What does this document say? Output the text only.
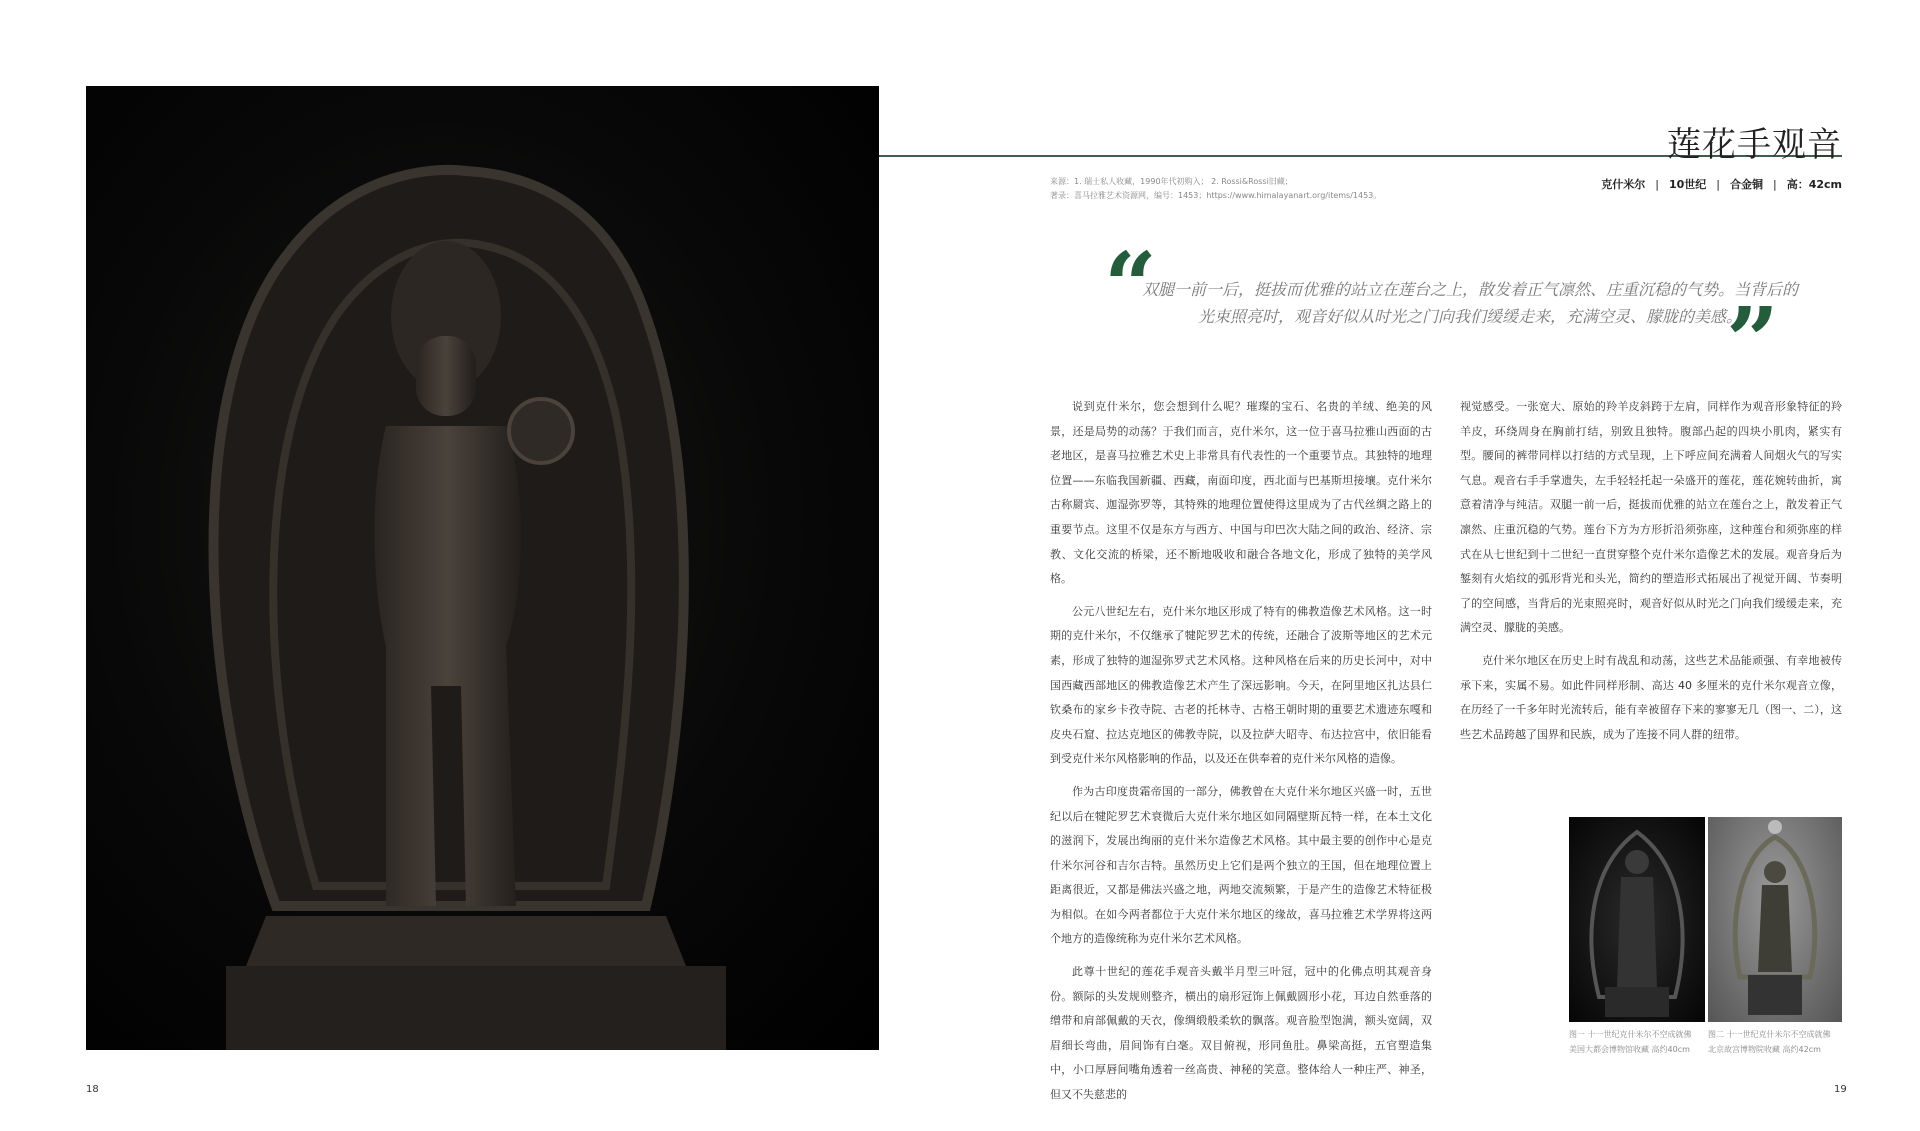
18
莲花手观音
来源：1. 瑞士私人收藏，1990年代初购入； 2. Rossi&Rossi旧藏；
著录：喜马拉雅艺术资源网，编号：1453；https://www.himalayanart.org/items/1453。
克什米尔 | 10世纪 | 合金铜 | 高：42cm
“
双腿一前一后，挺拔而优雅的站立在莲台之上，散发着正气凛然、庄重沉稳的气势。当背后的光束照亮时，观音好似从时光之门向我们缓缓走来，充满空灵、朦胧的美感。
”

说到克什米尔，您会想到什么呢？璀璨的宝石、名贵的羊绒、绝美的风景，还是局势的动荡？于我们而言，克什米尔，这一位于喜马拉雅山西面的古老地区，是喜马拉雅艺术史上非常具有代表性的一个重要节点。其独特的地理位置——东临我国新疆、西藏，南面印度，西北面与巴基斯坦接壤。克什米尔古称罽宾、迦湿弥罗等，其特殊的地理位置使得这里成为了古代丝绸之路上的重要节点。这里不仅是东方与西方、中国与印巴次大陆之间的政治、经济、宗教、文化交流的桥梁，还不断地吸收和融合各地文化，形成了独特的美学风格。

公元八世纪左右，克什米尔地区形成了特有的佛教造像艺术风格。这一时期的克什米尔，不仅继承了犍陀罗艺术的传统，还融合了波斯等地区的艺术元素，形成了独特的迦湿弥罗式艺术风格。这种风格在后来的历史长河中，对中国西藏西部地区的佛教造像艺术产生了深远影响。今天，在阿里地区扎达县仁钦桑布的家乡卡孜寺院、古老的托林寺、古格王朝时期的重要艺术遗迹东嘎和皮央石窟、拉达克地区的佛教寺院，以及拉萨大昭寺、布达拉宫中，依旧能看到受克什米尔风格影响的作品，以及还在供奉着的克什米尔风格的造像。

作为古印度贵霜帝国的一部分，佛教曾在大克什米尔地区兴盛一时，五世纪以后在犍陀罗艺术衰微后大克什米尔地区如同隔壁斯瓦特一样，在本土文化的滋润下，发展出绚丽的克什米尔造像艺术风格。其中最主要的创作中心是克什米尔河谷和吉尔吉特。虽然历史上它们是两个独立的王国，但在地理位置上距离很近，又都是佛法兴盛之地，两地交流频繁，于是产生的造像艺术特征极为相似。在如今两者都位于大克什米尔地区的缘故，喜马拉雅艺术学界将这两个地方的造像统称为克什米尔艺术风格。

此尊十世纪的莲花手观音头戴半月型三叶冠，冠中的化佛点明其观音身份。额际的头发规则整齐，横出的扇形冠饰上佩戴圆形小花，耳边自然垂落的缯带和肩部佩戴的天衣，像绸缎般柔软的飘落。观音脸型饱满，额头宽阔，双眉细长弯曲，眉间饰有白毫。双目俯视，形同鱼肚。鼻梁高挺，五官塑造集中，小口厚唇间嘴角透着一丝高贵、神秘的笑意。整体给人一种庄严、神圣，但又不失慈悲的

视觉感受。一张宽大、原始的羚羊皮斜跨于左肩，同样作为观音形象特征的羚羊皮，环绕周身在胸前打结，别致且独特。腹部凸起的四块小肌肉，紧实有型。腰间的裤带同样以打结的方式呈现，上下呼应间充满着人间烟火气的写实气息。观音右手手掌遗失，左手轻轻托起一朵盛开的莲花，莲花婉转曲折，寓意着清净与纯洁。双腿一前一后，挺拔而优雅的站立在莲台之上，散发着正气凛然、庄重沉稳的气势。莲台下方为方形折沿须弥座，这种莲台和须弥座的样式在从七世纪到十二世纪一直贯穿整个克什米尔造像艺术的发展。观音身后为錾刻有火焰纹的弧形背光和头光，简约的塑造形式拓展出了视觉开阔、节奏明了的空间感，当背后的光束照亮时，观音好似从时光之门向我们缓缓走来，充满空灵、朦胧的美感。

克什米尔地区在历史上时有战乱和动荡，这些艺术品能顽强、有幸地被传承下来，实属不易。如此件同样形制、高达 40 多厘米的克什米尔观音立像，在历经了一千多年时光流转后，能有幸被留存下来的寥寥无几（图一、二），这些艺术品跨越了国界和民族，成为了连接不同人群的纽带。

图一 十一世纪克什米尔不空成就佛
美国大都会博物馆收藏 高约40cm
图二 十一世纪克什米尔不空成就佛
北京故宫博物院收藏 高约42cm
19
